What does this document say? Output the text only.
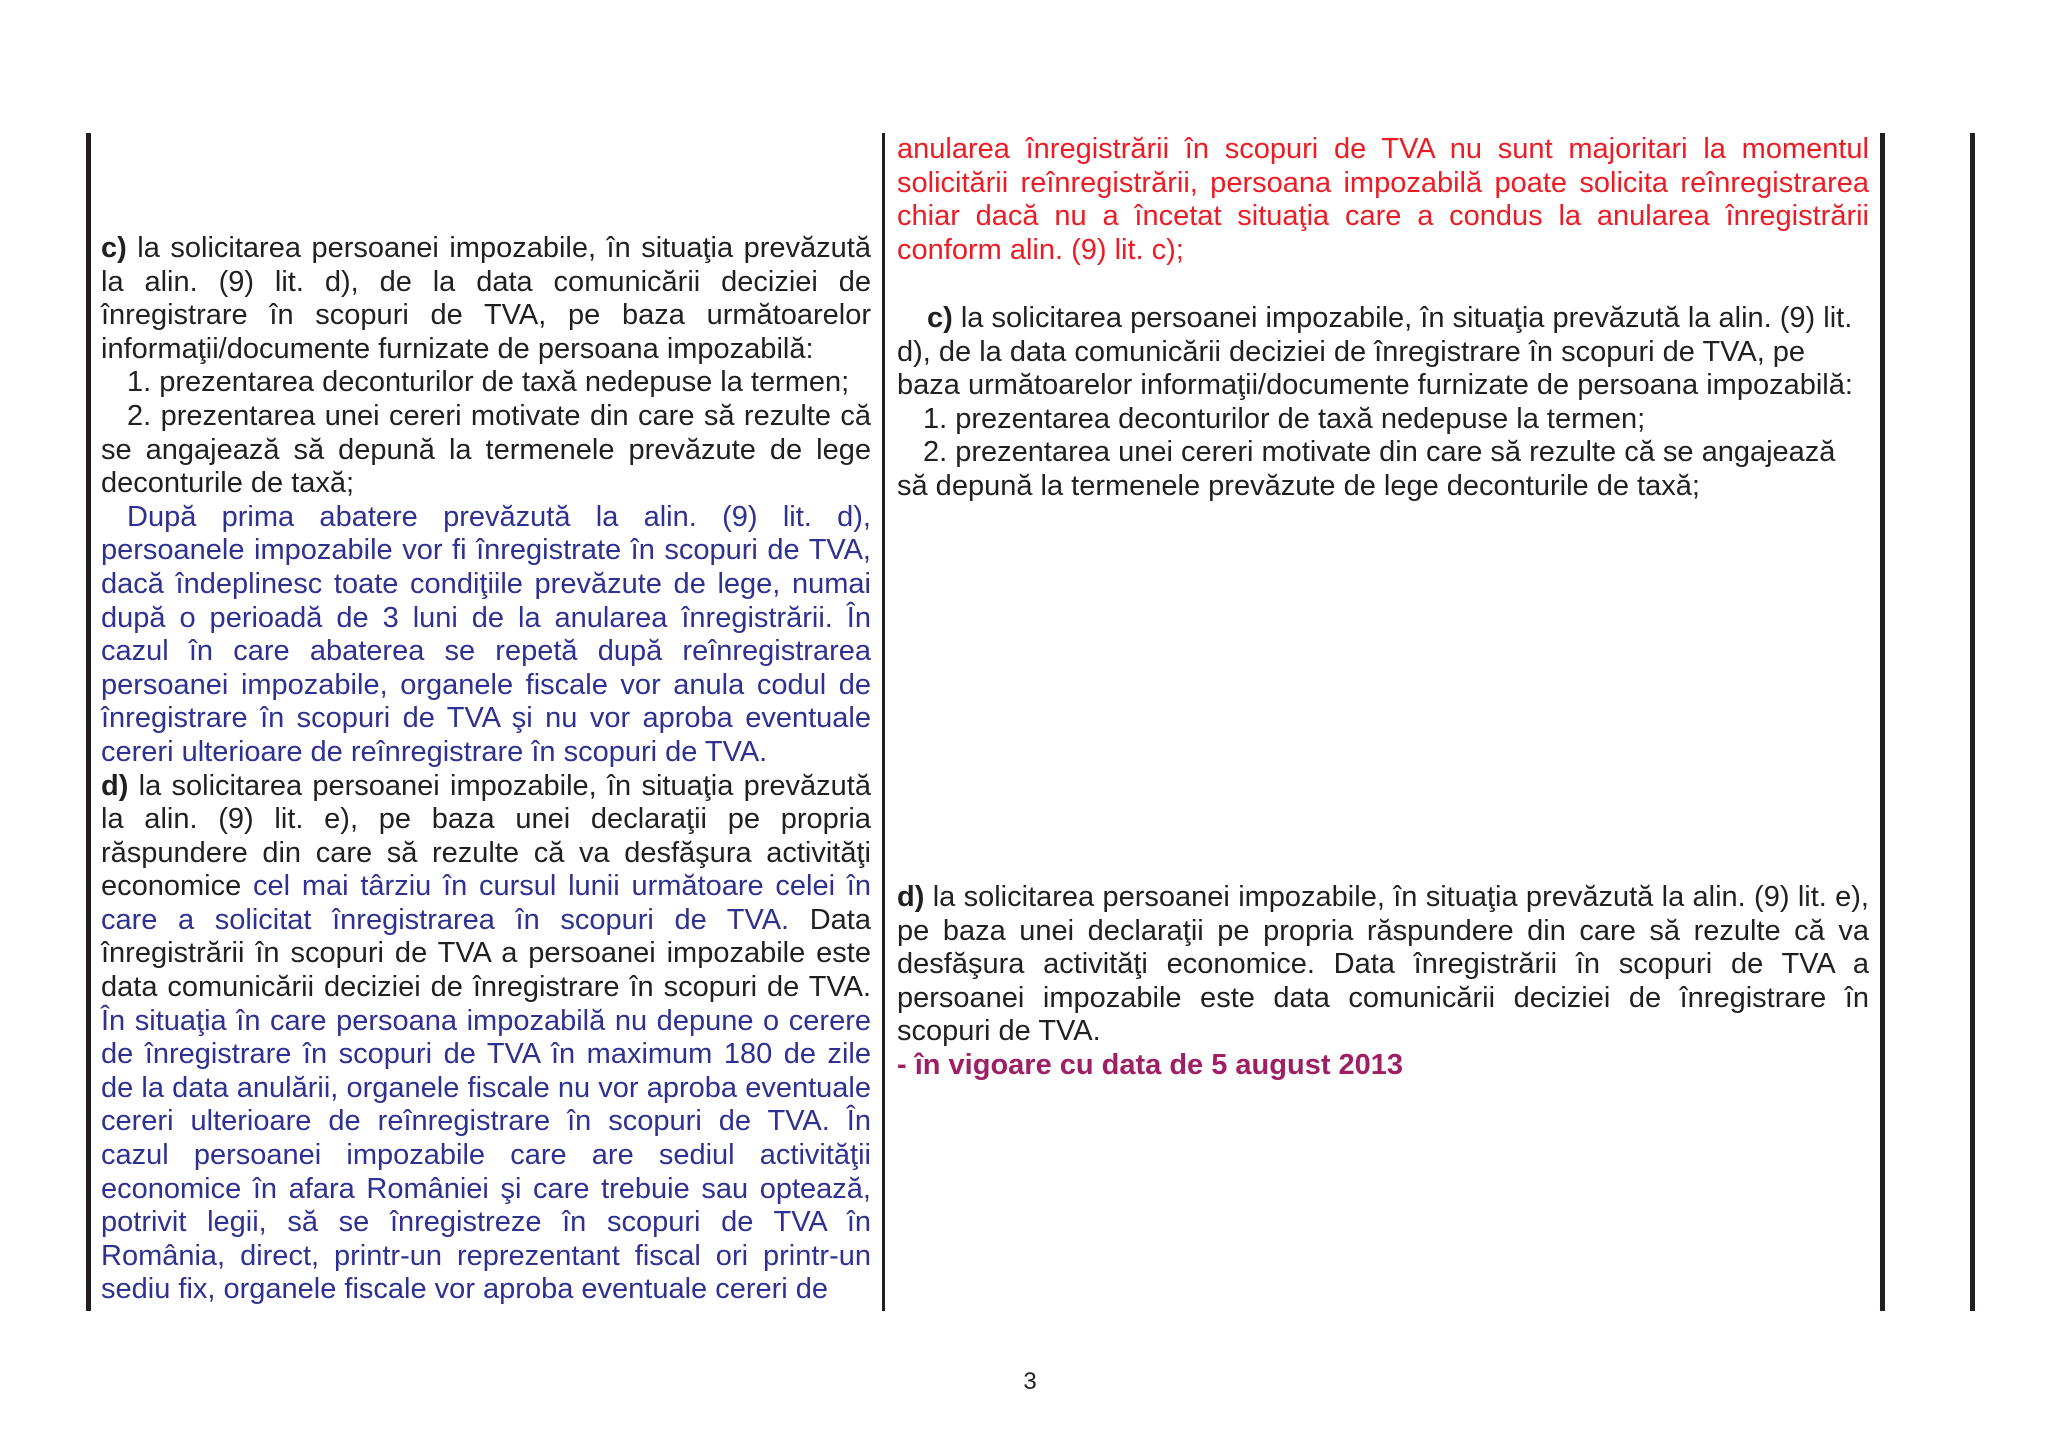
c) la solicitarea persoanei impozabile, în situaţia prevăzută la alin. (9) lit. d), de la data comunicării deciziei de înregistrare în scopuri de TVA, pe baza următoarelor informaţii/documente furnizate de persoana impozabilă:

1. prezentarea deconturilor de taxă nedepuse la termen;

2. prezentarea unei cereri motivate din care să rezulte că se angajează să depună la termenele prevăzute de lege deconturile de taxă;

După prima abatere prevăzută la alin. (9) lit. d), persoanele impozabile vor fi înregistrate în scopuri de TVA, dacă îndeplinesc toate condiţiile prevăzute de lege, numai după o perioadă de 3 luni de la anularea înregistrării. În cazul în care abaterea se repetă după reînregistrarea persoanei impozabile, organele fiscale vor anula codul de înregistrare în scopuri de TVA şi nu vor aproba eventuale cereri ulterioare de reînregistrare în scopuri de TVA.

d) la solicitarea persoanei impozabile, în situaţia prevăzută la alin. (9) lit. e), pe baza unei declaraţii pe propria răspundere din care să rezulte că va desfăşura activităţi economice cel mai târziu în cursul lunii următoare celei în care a solicitat înregistrarea în scopuri de TVA. Data înregistrării în scopuri de TVA a persoanei impozabile este data comunicării deciziei de înregistrare în scopuri de TVA. În situaţia în care persoana impozabilă nu depune o cerere de înregistrare în scopuri de TVA în maximum 180 de zile de la data anulării, organele fiscale nu vor aproba eventuale cereri ulterioare de reînregistrare în scopuri de TVA. În cazul persoanei impozabile care are sediul activităţii economice în afara României şi care trebuie sau optează, potrivit legii, să se înregistreze în scopuri de TVA în România, direct, printr-un reprezentant fiscal ori printr-un sediu fix, organele fiscale vor aproba eventuale cereri de

anularea înregistrării în scopuri de TVA nu sunt majoritari la momentul solicitării reînregistrării, persoana impozabilă poate solicita reînregistrarea chiar dacă nu a încetat situaţia care a condus la anularea înregistrării conform alin. (9) lit. c);

c) la solicitarea persoanei impozabile, în situaţia prevăzută la alin. (9) lit. d), de la data comunicării deciziei de înregistrare în scopuri de TVA, pe baza următoarelor informaţii/documente furnizate de persoana impozabilă:

1. prezentarea deconturilor de taxă nedepuse la termen;

2. prezentarea unei cereri motivate din care să rezulte că se angajează să depună la termenele prevăzute de lege deconturile de taxă;

d) la solicitarea persoanei impozabile, în situaţia prevăzută la alin. (9) lit. e), pe baza unei declaraţii pe propria răspundere din care să rezulte că va desfăşura activităţi economice. Data înregistrării în scopuri de TVA a persoanei impozabile este data comunicării deciziei de înregistrare în scopuri de TVA.

- în vigoare cu data de 5 august 2013

3
